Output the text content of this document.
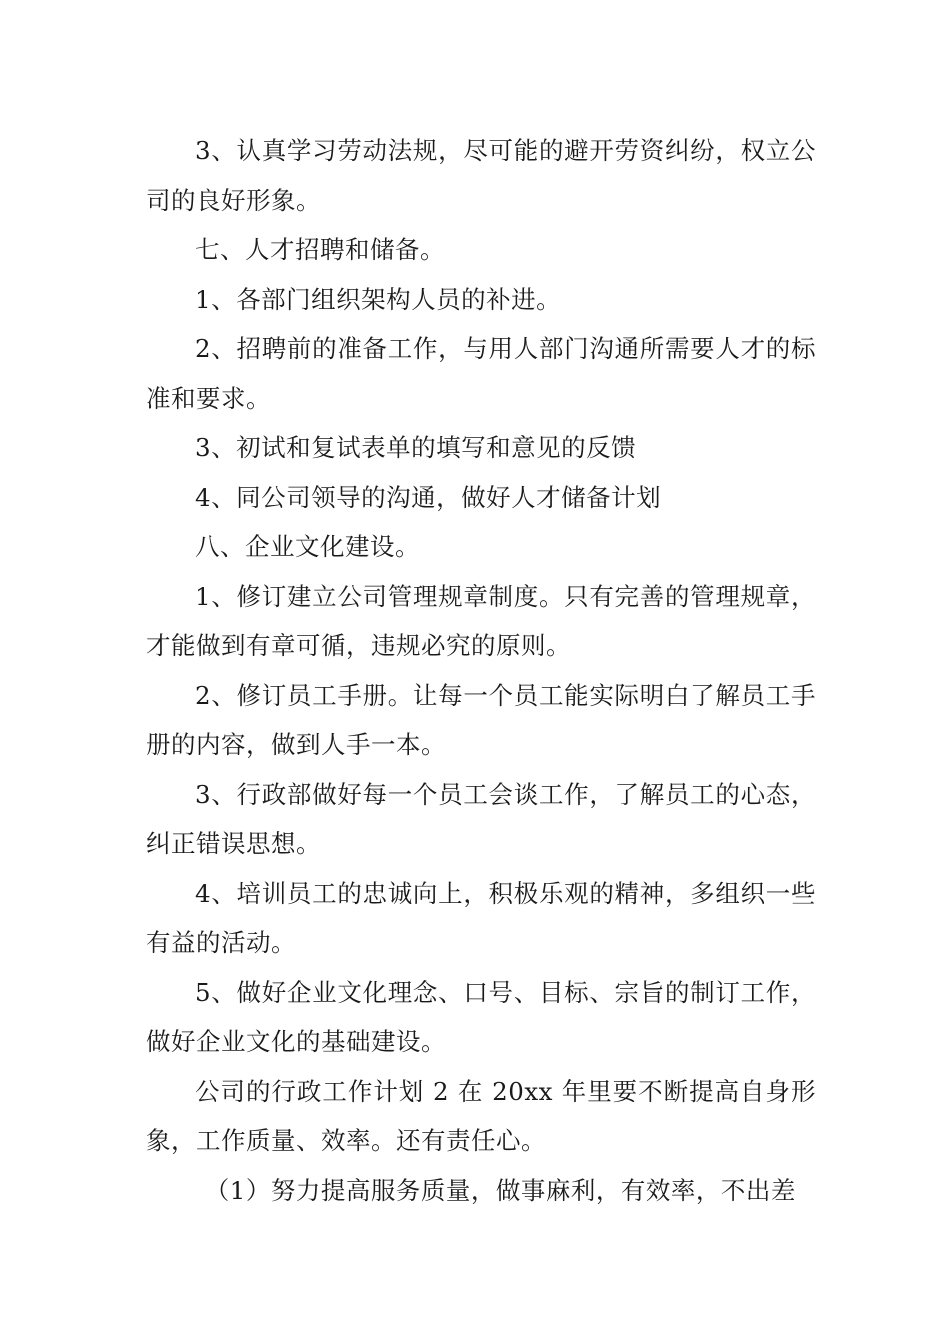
3、认真学习劳动法规，尽可能的避开劳资纠纷，权立公司的良好形象。

七、人才招聘和储备。

1、各部门组织架构人员的补进。

2、招聘前的准备工作，与用人部门沟通所需要人才的标准和要求。

3、初试和复试表单的填写和意见的反馈

4、同公司领导的沟通，做好人才储备计划

八、企业文化建设。

1、修订建立公司管理规章制度。只有完善的管理规章，才能做到有章可循，违规必究的原则。

2、修订员工手册。让每一个员工能实际明白了解员工手册的内容，做到人手一本。

3、行政部做好每一个员工会谈工作，了解员工的心态，纠正错误思想。

4、培训员工的忠诚向上，积极乐观的精神，多组织一些有益的活动。

5、做好企业文化理念、口号、目标、宗旨的制订工作，做好企业文化的基础建设。

公司的行政工作计划 2 在 20xx 年里要不断提高自身形象，工作质量、效率。还有责任心。

（1）努力提高服务质量，做事麻利，有效率，不出差
